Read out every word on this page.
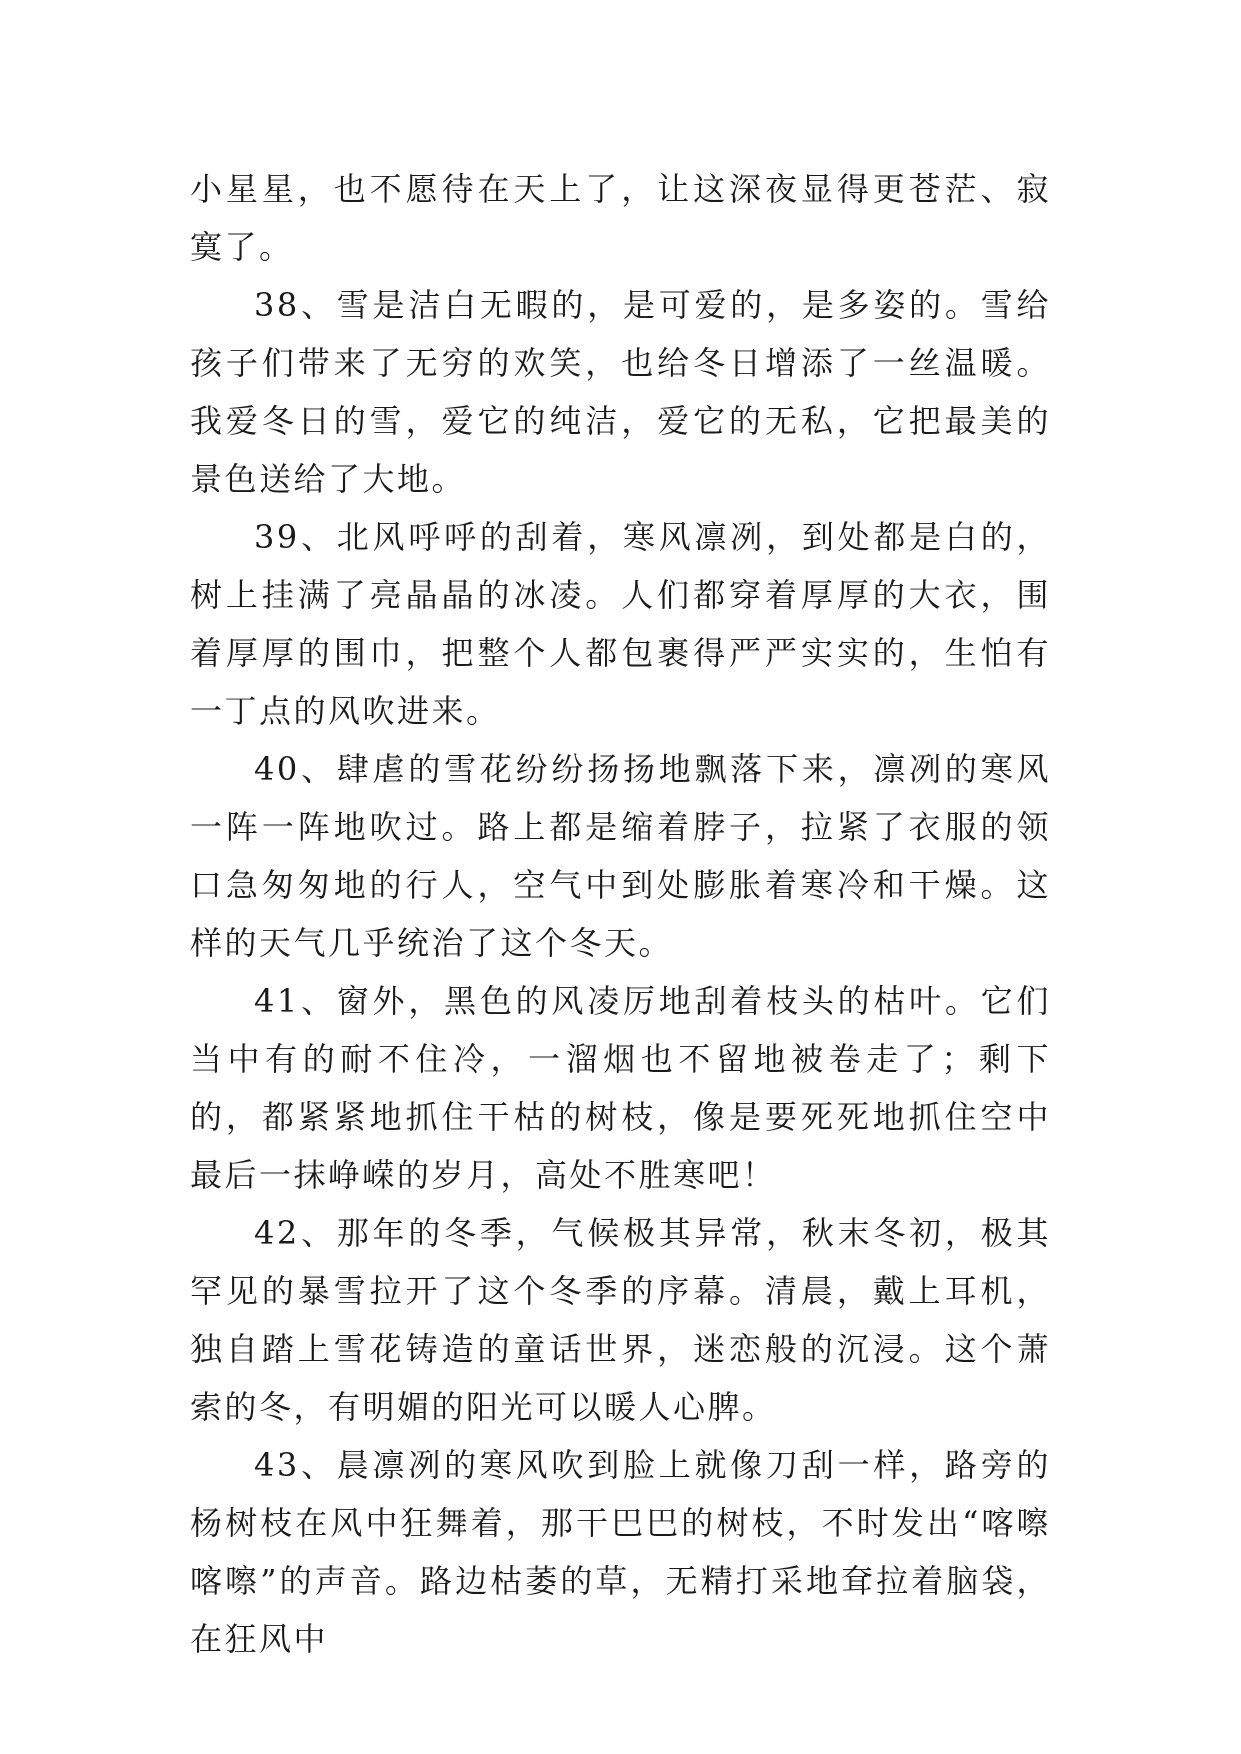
小星星，也不愿待在天上了，让这深夜显得更苍茫、寂寞了。

38、雪是洁白无暇的，是可爱的，是多姿的。雪给孩子们带来了无穷的欢笑，也给冬日增添了一丝温暖。我爱冬日的雪，爱它的纯洁，爱它的无私，它把最美的景色送给了大地。

39、北风呼呼的刮着，寒风凛冽，到处都是白的，树上挂满了亮晶晶的冰凌。人们都穿着厚厚的大衣，围着厚厚的围巾，把整个人都包裹得严严实实的，生怕有一丁点的风吹进来。

40、肆虐的雪花纷纷扬扬地飘落下来，凛冽的寒风一阵一阵地吹过。路上都是缩着脖子，拉紧了衣服的领口急匆匆地的行人，空气中到处膨胀着寒冷和干燥。这样的天气几乎统治了这个冬天。

41、窗外，黑色的风凌厉地刮着枝头的枯叶。它们当中有的耐不住冷，一溜烟也不留地被卷走了；剩下的，都紧紧地抓住干枯的树枝，像是要死死地抓住空中最后一抹峥嵘的岁月，高处不胜寒吧！

42、那年的冬季，气候极其异常，秋末冬初，极其罕见的暴雪拉开了这个冬季的序幕。清晨，戴上耳机，独自踏上雪花铸造的童话世界，迷恋般的沉浸。这个萧索的冬，有明媚的阳光可以暖人心脾。

43、晨凛冽的寒风吹到脸上就像刀刮一样，路旁的杨树枝在风中狂舞着，那干巴巴的树枝，不时发出“喀嚓喀嚓”的声音。路边枯萎的草，无精打采地耷拉着脑袋，在狂风中
